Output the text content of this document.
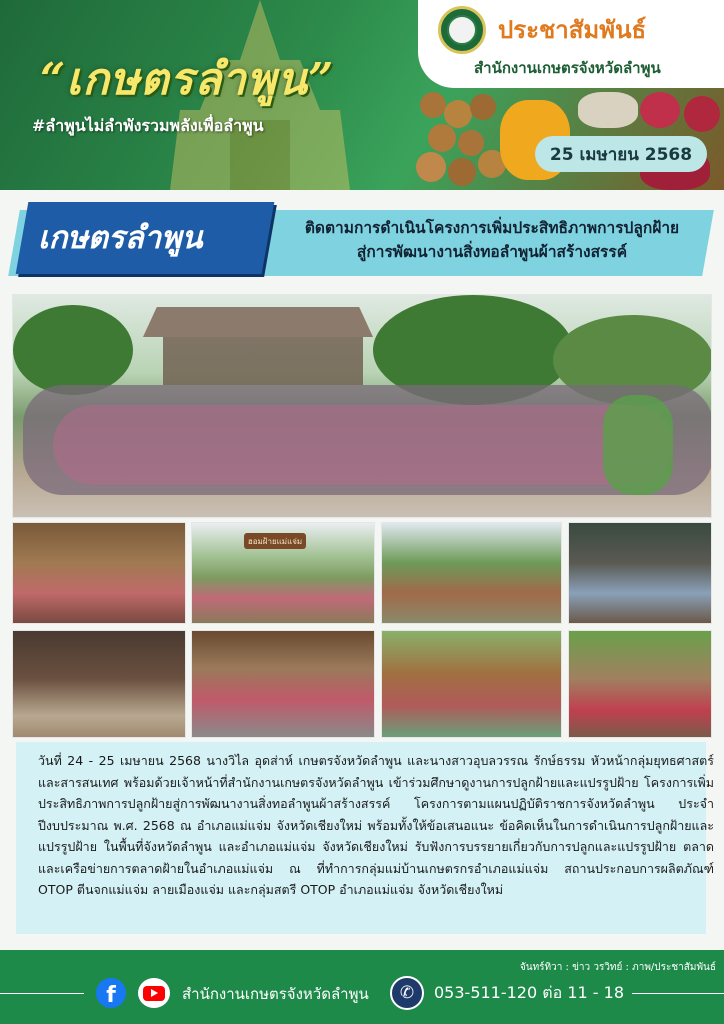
“เกษตรลำพูน”
#ลำพูนไม่ลำพังรวมพลังเพื่อลำพูน
ประชาสัมพันธ์
สำนักงานเกษตรจังหวัดลำพูน
25 เมษายน 2568
เกษตรลำพูน	ติดตามการดำเนินโครงการเพิ่มประสิทธิภาพการปลูกฝ้าย
สู่การพัฒนางานสิ่งทอลำพูนผ้าสร้างสรรค์
ฮอมฝ้ายแม่แจ่ม
วันที่ 24 - 25 เมษายน 2568 นางวิไล อุดส่าห์ เกษตรจังหวัดลำพูน และนางสาวอุบลวรรณ รักษ์ธรรม หัวหน้ากลุ่มยุทธศาสตร์และสารสนเทศ พร้อมด้วยเจ้าหน้าที่สำนักงานเกษตรจังหวัดลำพูน เข้าร่วมศึกษาดูงานการปลูกฝ้ายและแปรรูปฝ้าย โครงการเพิ่มประสิทธิภาพการปลูกฝ้ายสู่การพัฒนางานสิ่งทอลำพูนผ้าสร้างสรรค์ โครงการตามแผนปฏิบัติราชการจังหวัดลำพูน ประจำปีงบประมาณ พ.ศ. 2568 ณ อำเภอแม่แจ่ม จังหวัดเชียงใหม่ พร้อมทั้งให้ข้อเสนอแนะ ข้อคิดเห็นในการดำเนินการปลูกฝ้ายและแปรรูปฝ้าย ในพื้นที่จังหวัดลำพูน และอำเภอแม่แจ่ม จังหวัดเชียงใหม่ รับฟังการบรรยายเกี่ยวกับการปลูกและแปรรูปฝ้าย ตลาด และเครือข่ายการตลาดฝ้ายในอำเภอแม่แจ่ม ณ ที่ทำการกลุ่มแม่บ้านเกษตรกรอำเภอแม่แจ่ม สถานประกอบการผลิตภัณฑ์ OTOP ตีนจกแม่แจ่ม ลายเมืองแจ่ม และกลุ่มสตรี OTOP อำเภอแม่แจ่ม จังหวัดเชียงใหม่
จันทร์ทิวา : ข่าว วรวิทย์ : ภาพ/ประชาสัมพันธ์
f	สำนักงานเกษตรจังหวัดลำพูน	✆	053-511-120 ต่อ 11 - 18
